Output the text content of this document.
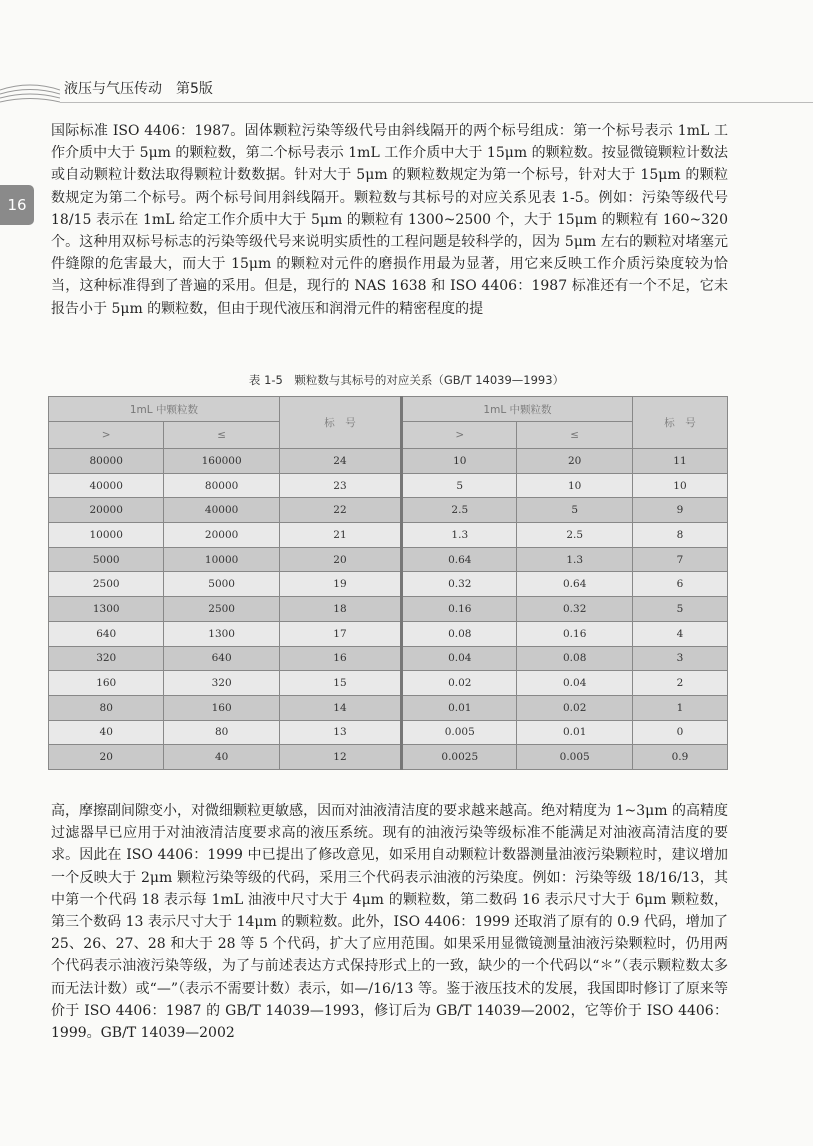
液压与气压传动　第5版
16

国际标准 ISO 4406：1987。固体颗粒污染等级代号由斜线隔开的两个标号组成：第一个标号表示 1mL 工作介质中大于 5μm 的颗粒数，第二个标号表示 1mL 工作介质中大于 15μm 的颗粒数。按显微镜颗粒计数法或自动颗粒计数法取得颗粒计数数据。针对大于 5μm 的颗粒数规定为第一个标号，针对大于 15μm 的颗粒数规定为第二个标号。两个标号间用斜线隔开。颗粒数与其标号的对应关系见表 1-5。例如：污染等级代号 18/15 表示在 1mL 给定工作介质中大于 5μm 的颗粒有 1300~2500 个，大于 15μm 的颗粒有 160~320 个。这种用双标号标志的污染等级代号来说明实质性的工程问题是较科学的，因为 5μm 左右的颗粒对堵塞元件缝隙的危害最大，而大于 15μm 的颗粒对元件的磨损作用最为显著，用它来反映工作介质污染度较为恰当，这种标准得到了普遍的采用。但是，现行的 NAS 1638 和 ISO 4406：1987 标准还有一个不足，它未报告小于 5μm 的颗粒数，但由于现代液压和润滑元件的精密程度的提

表 1-5　颗粒数与其标号的对应关系（GB/T 14039—1993）
1mL 中颗粒数		标　号	1mL 中颗粒数		标　号
>	≤		>	≤	
80000	160000	24	10	20	11
40000	80000	23	5	10	10
20000	40000	22	2.5	5	9
10000	20000	21	1.3	2.5	8
5000	10000	20	0.64	1.3	7
2500	5000	19	0.32	0.64	6
1300	2500	18	0.16	0.32	5
640	1300	17	0.08	0.16	4
320	640	16	0.04	0.08	3
160	320	15	0.02	0.04	2
80	160	14	0.01	0.02	1
40	80	13	0.005	0.01	0
20	40	12	0.0025	0.005	0.9

高，摩擦副间隙变小，对微细颗粒更敏感，因而对油液清洁度的要求越来越高。绝对精度为 1~3μm 的高精度过滤器早已应用于对油液清洁度要求高的液压系统。现有的油液污染等级标准不能满足对油液高清洁度的要求。因此在 ISO 4406：1999 中已提出了修改意见，如采用自动颗粒计数器测量油液污染颗粒时，建议增加一个反映大于 2μm 颗粒污染等级的代码，采用三个代码表示油液的污染度。例如：污染等级 18/16/13，其中第一个代码 18 表示每 1mL 油液中尺寸大于 4μm 的颗粒数，第二数码 16 表示尺寸大于 6μm 颗粒数，第三个数码 13 表示尺寸大于 14μm 的颗粒数。此外，ISO 4406：1999 还取消了原有的 0.9 代码，增加了 25、26、27、28 和大于 28 等 5 个代码，扩大了应用范围。如果采用显微镜测量油液污染颗粒时，仍用两个代码表示油液污染等级，为了与前述表达方式保持形式上的一致，缺少的一个代码以“＊”（表示颗粒数太多而无法计数）或“—”（表示不需要计数）表示，如—/16/13 等。鉴于液压技术的发展，我国即时修订了原来等价于 ISO 4406：1987 的 GB/T 14039—1993，修订后为 GB/T 14039—2002，它等价于 ISO 4406：1999。GB/T 14039—2002
